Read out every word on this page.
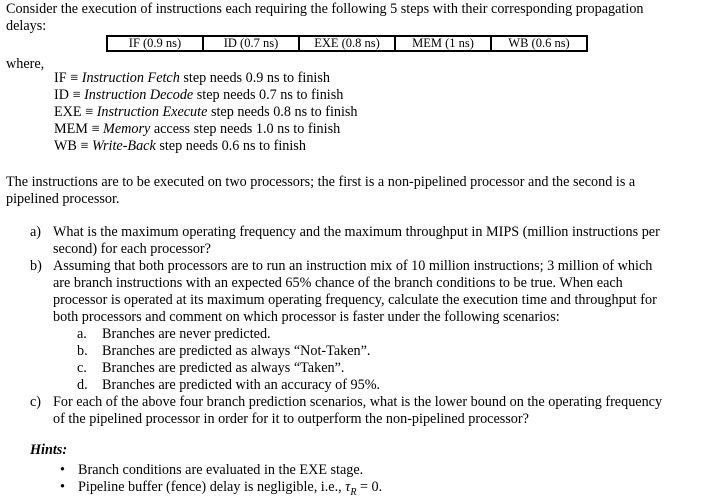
Consider the execution of instructions each requiring the following 5 steps with their corresponding propagation
delays:
IF (0.9 ns)	ID (0.7 ns)	EXE (0.8 ns)	MEM (1 ns)	WB (0.6 ns)
where,
IF ≡ Instruction Fetch step needs 0.9 ns to finish
ID ≡ Instruction Decode step needs 0.7 ns to finish
EXE ≡ Instruction Execute step needs 0.8 ns to finish
MEM ≡ Memory access step needs 1.0 ns to finish
WB ≡ Write-Back step needs 0.6 ns to finish
The instructions are to be executed on two processors; the first is a non-pipelined processor and the second is a
pipelined processor.
a) What is the maximum operating frequency and the maximum throughput in MIPS (million instructions per
second) for each processor?
b) Assuming that both processors are to run an instruction mix of 10 million instructions; 3 million of which
are branch instructions with an expected 65% chance of the branch conditions to be true. When each
processor is operated at its maximum operating frequency, calculate the execution time and throughput for
both processors and comment on which processor is faster under the following scenarios:
a. Branches are never predicted.
b. Branches are predicted as always “Not-Taken”.
c. Branches are predicted as always “Taken”.
d. Branches are predicted with an accuracy of 95%.
c) For each of the above four branch prediction scenarios, what is the lower bound on the operating frequency
of the pipelined processor in order for it to outperform the non-pipelined processor?
Hints:
• Branch conditions are evaluated in the EXE stage.
• Pipeline buffer (fence) delay is negligible, i.e., $\tau_R = 0$.
